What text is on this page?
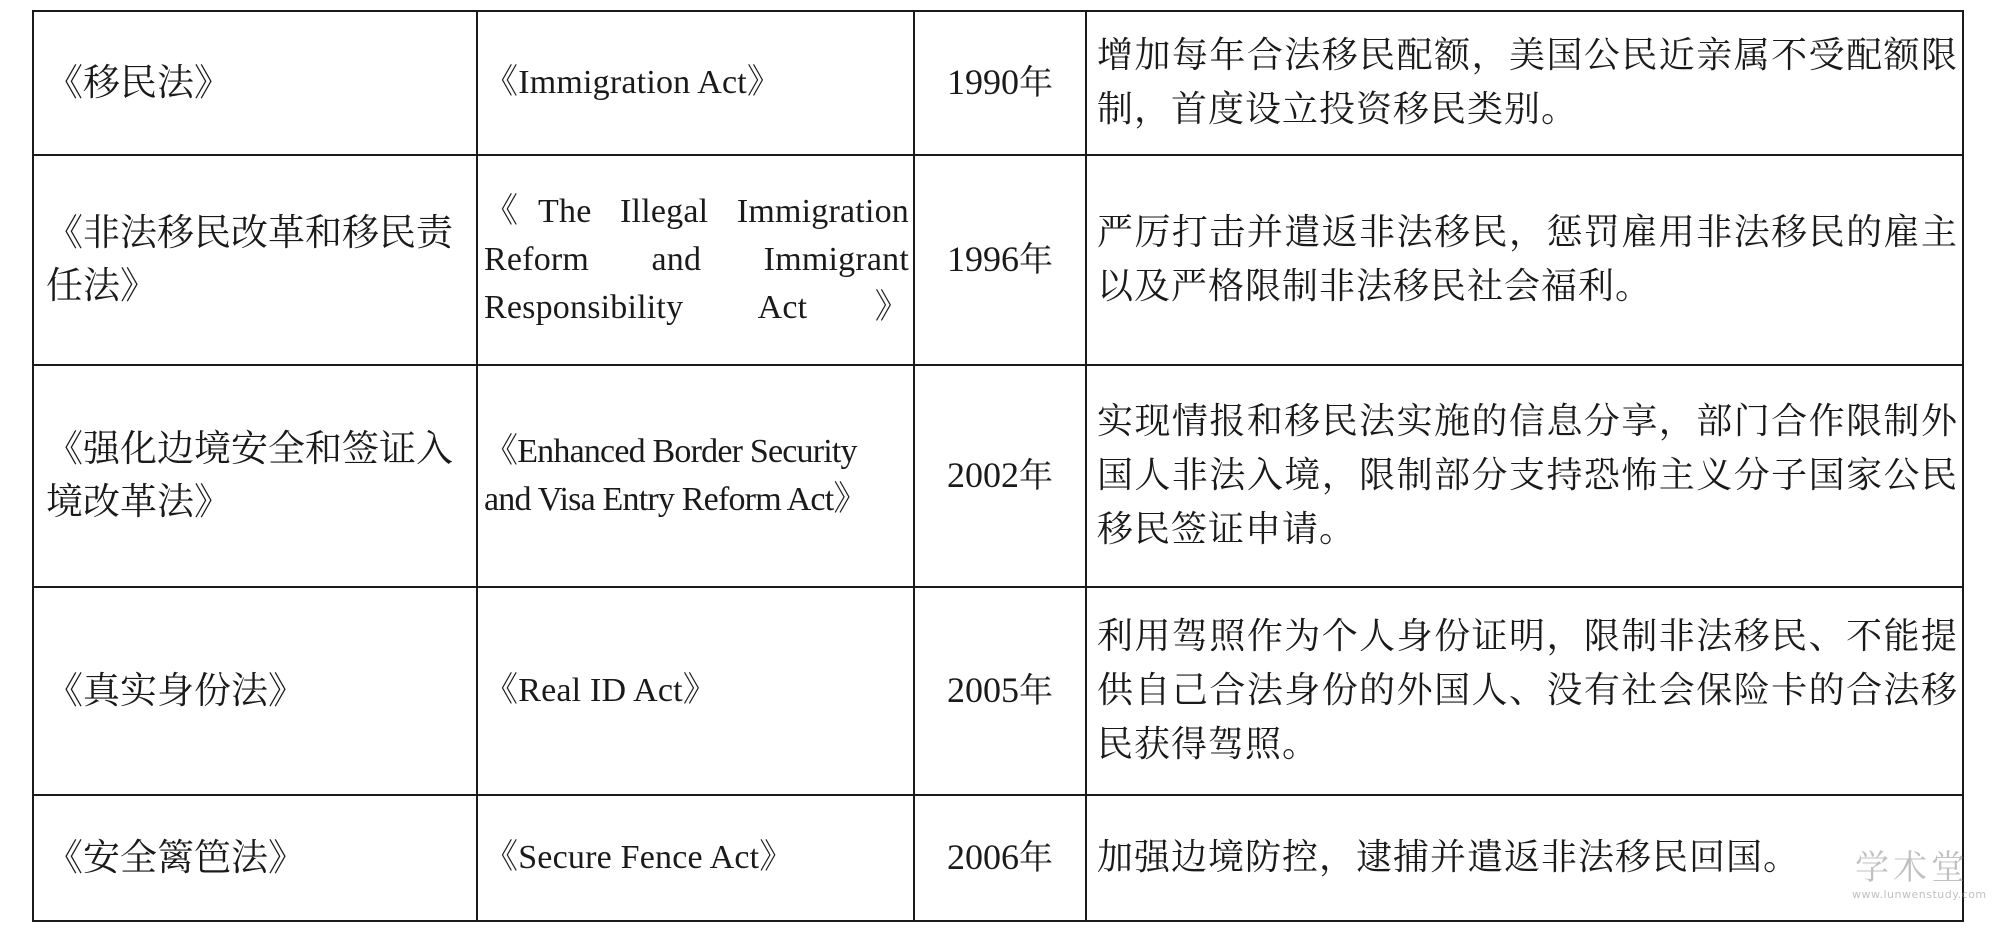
《移民法》	《Immigration Act》	1990年	增加每年合法移民配额，美国公民近亲属不受配额限制，首度设立投资移民类别。
《非法移民改革和移民责任法》	《The Illegal Immigration
Reform and Immigrant
Responsibility Act》	1996年	严厉打击并遣返非法移民，惩罚雇用非法移民的雇主以及严格限制非法移民社会福利。
《强化边境安全和签证入境改革法》	《Enhanced Border Security
and Visa Entry Reform Act》	2002年	实现情报和移民法实施的信息分享，部门合作限制外国人非法入境，限制部分支持恐怖主义分子国家公民移民签证申请。
《真实身份法》	《Real ID Act》	2005年	利用驾照作为个人身份证明，限制非法移民、不能提供自己合法身份的外国人、没有社会保险卡的合法移民获得驾照。
《安全篱笆法》	《Secure Fence Act》	2006年	加强边境防控，逮捕并遣返非法移民回国。 学术堂
www.lunwenstudy.com
